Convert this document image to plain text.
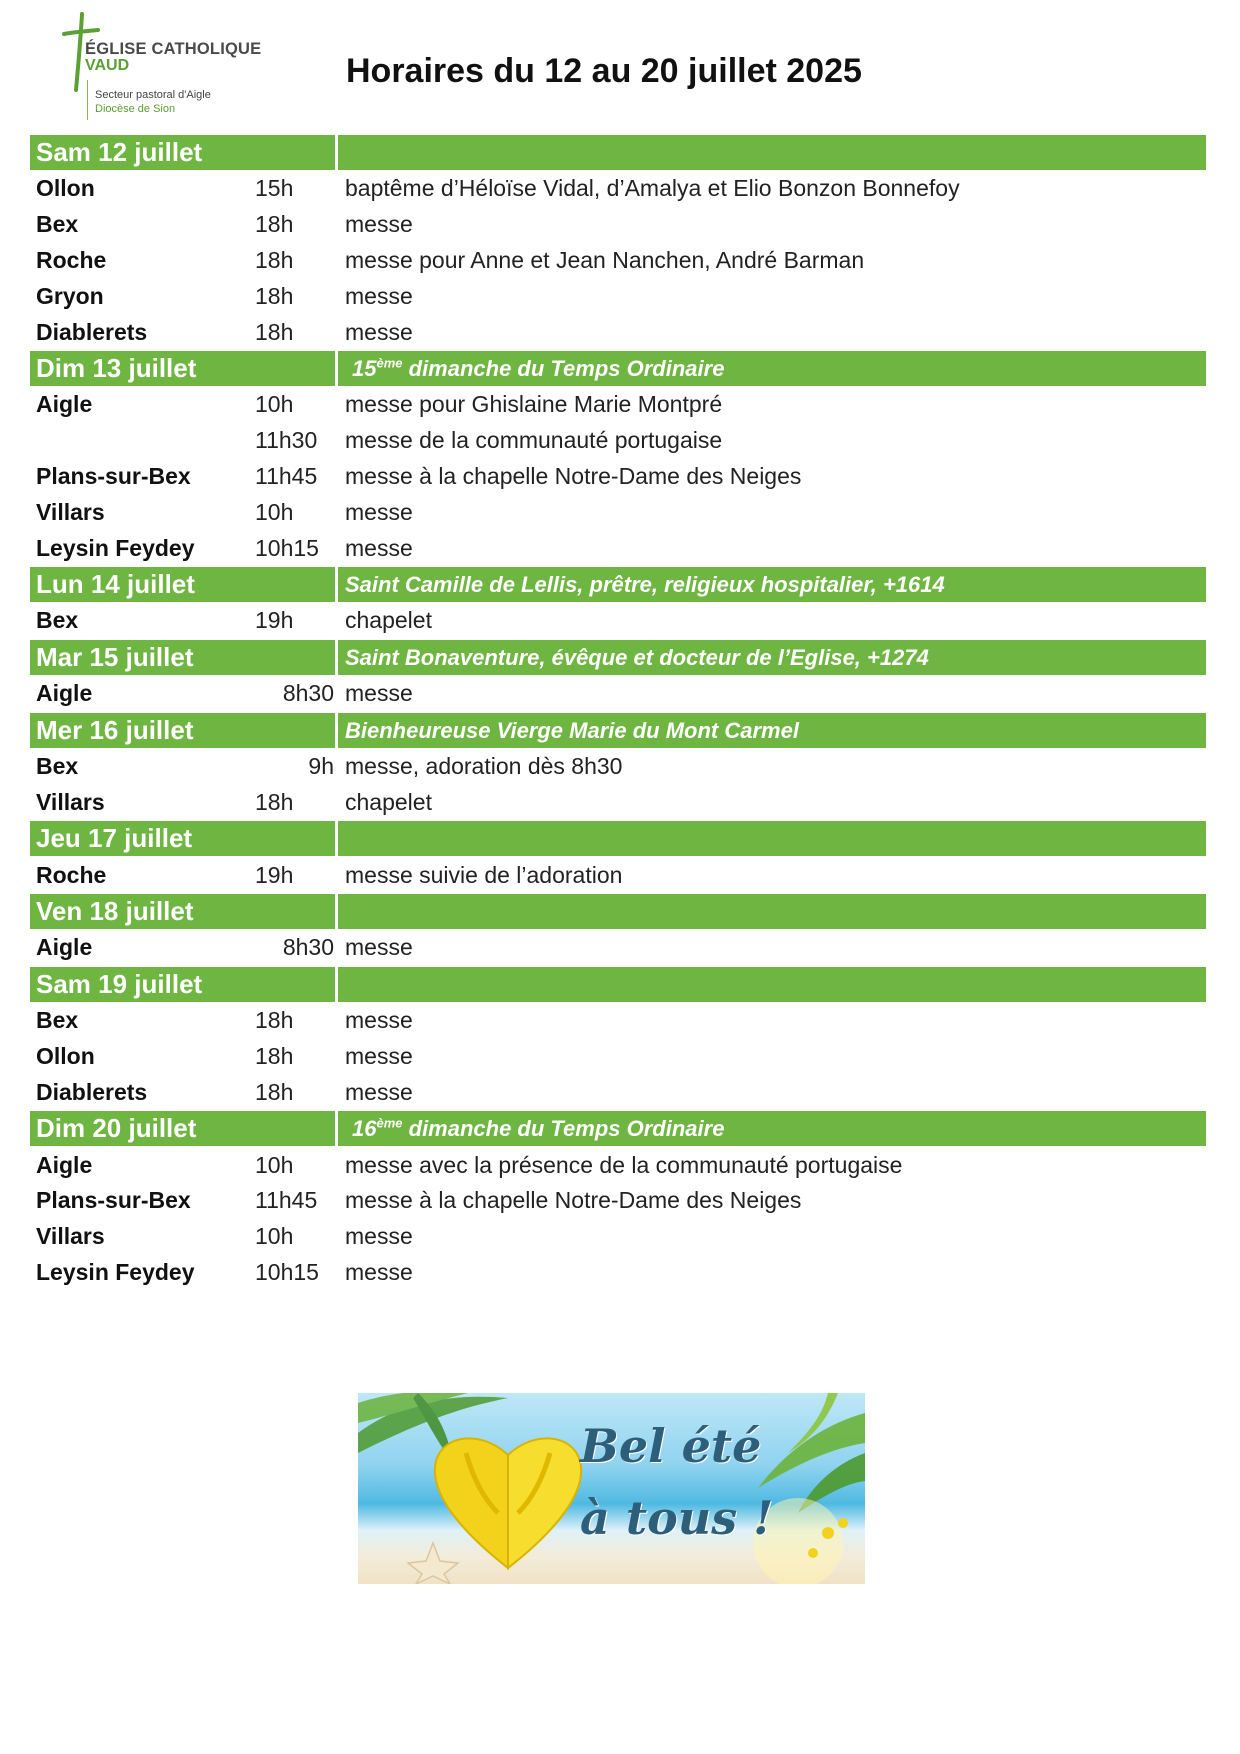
ÉGLISE CATHOLIQUE
VAUD
Secteur pastoral d'Aigle
Diocèse de Sion
Horaires du 12 au 20 juillet 2025
Sam 12 juillet
Ollon	15h	baptême d’Héloïse Vidal, d’Amalya et Elio Bonzon Bonnefoy
Bex	18h	messe
Roche	18h	messe pour Anne et Jean Nanchen, André Barman
Gryon	18h	messe
Diablerets	18h	messe
Dim 13 juillet	15ème dimanche du Temps Ordinaire
Aigle	10h	messe pour Ghislaine Marie Montpré
11h30	messe de la communauté portugaise
Plans-sur-Bex	11h45	messe à la chapelle Notre-Dame des Neiges
Villars	10h	messe
Leysin Feydey	10h15	messe
Lun 14 juillet	Saint Camille de Lellis, prêtre, religieux hospitalier, +1614
Bex	19h	chapelet
Mar 15 juillet	Saint Bonaventure, évêque et docteur de l’Eglise, +1274
Aigle	8h30 messe
Mer 16 juillet	Bienheureuse Vierge Marie du Mont Carmel
Bex	9h messe, adoration dès 8h30
Villars	18h	chapelet
Jeu 17 juillet
Roche	19h	messe suivie de l’adoration
Ven 18 juillet
Aigle	8h30 messe
Sam 19 juillet
Bex	18h	messe
Ollon	18h	messe
Diablerets	18h	messe
Dim 20 juillet	16ème dimanche du Temps Ordinaire
Aigle	10h	messe avec la présence de la communauté portugaise
Plans-sur-Bex	11h45	messe à la chapelle Notre-Dame des Neiges
Villars	10h	messe
Leysin Feydey	10h15	messe
Bel été
à tous !
